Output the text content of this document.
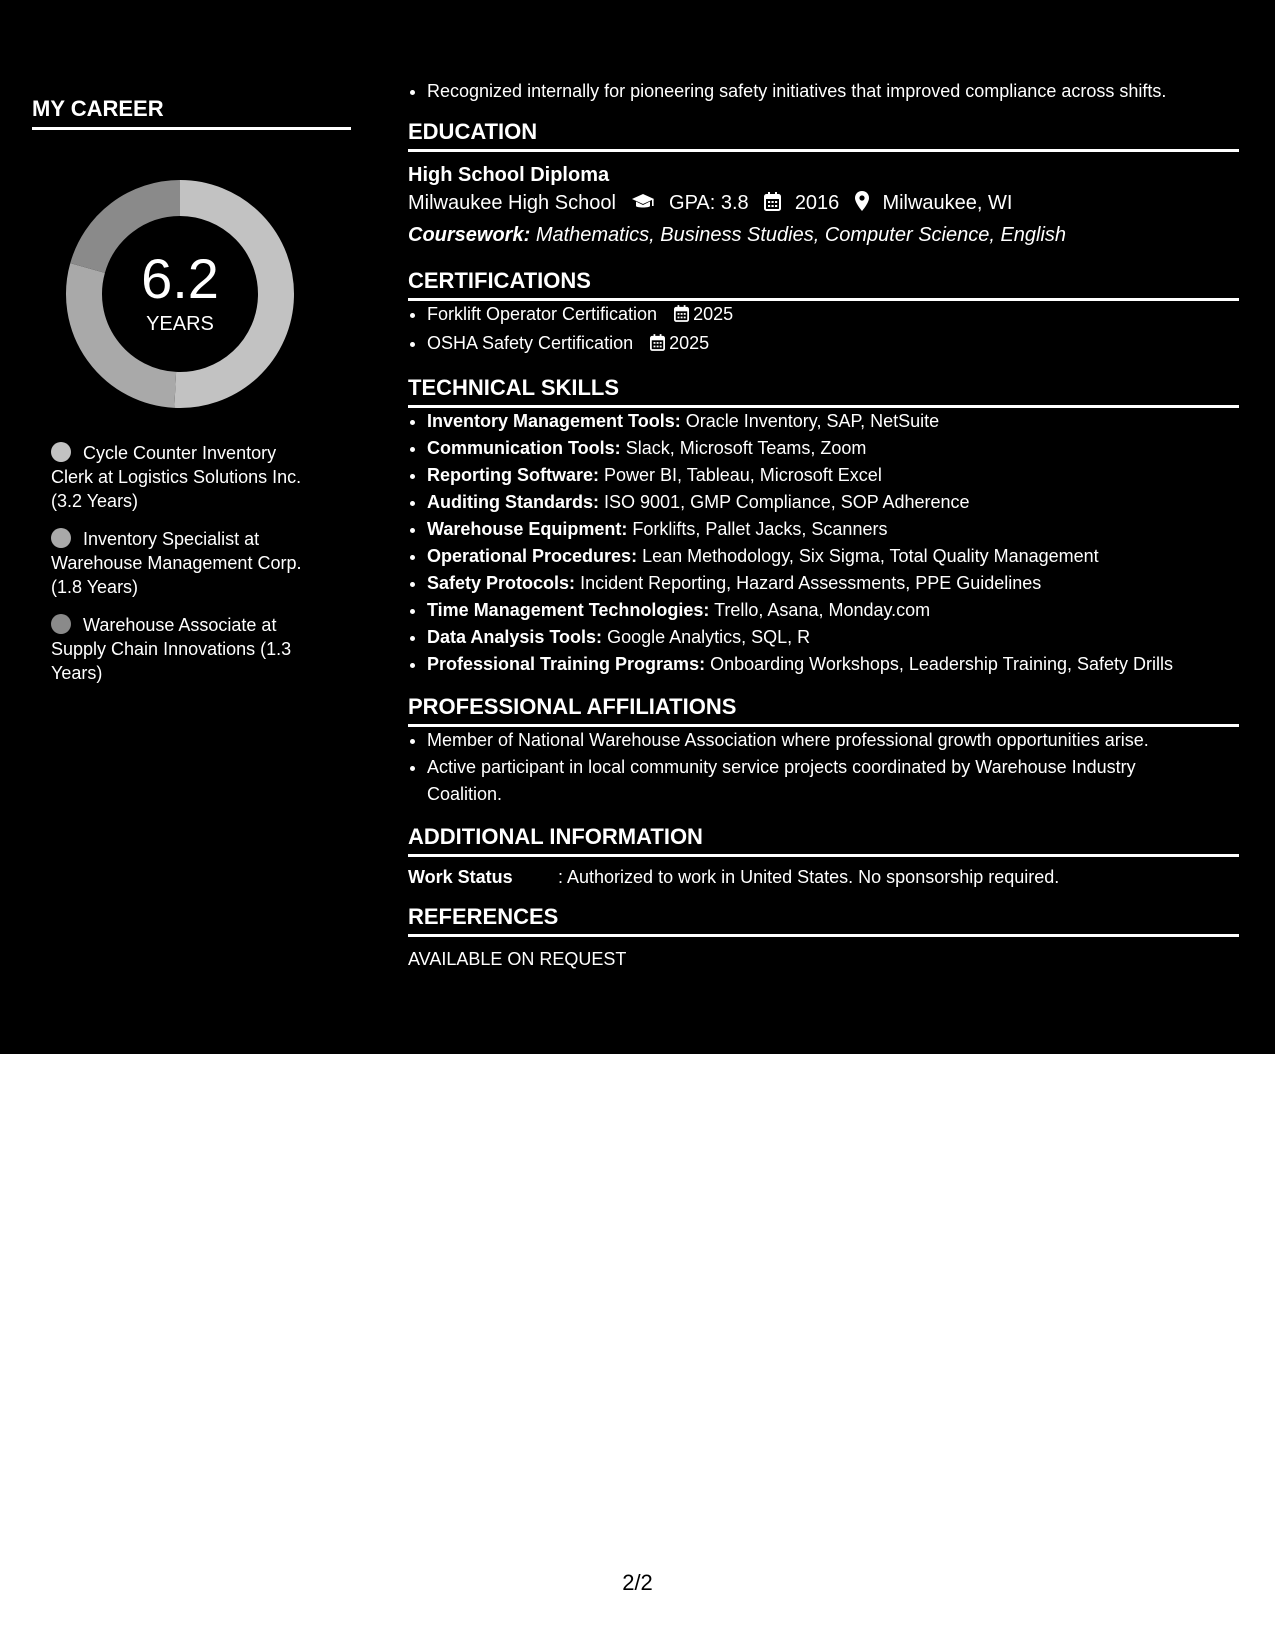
MY CAREER
6.2
YEARS
Cycle Counter Inventory Clerk at Logistics Solutions Inc. (3.2 Years)
Inventory Specialist at Warehouse Management Corp. (1.8 Years)
Warehouse Associate at Supply Chain Innovations (1.3 Years)
• Recognized internally for pioneering safety initiatives that improved compliance across shifts.
EDUCATION
High School Diploma
Milwaukee High School	GPA: 3.8 2016 Milwaukee, WI
Coursework: Mathematics, Business Studies, Computer Science, English
CERTIFICATIONS
• Forklift Operator Certification 2025
• OSHA Safety Certification 2025
TECHNICAL SKILLS
• Inventory Management Tools: Oracle Inventory, SAP, NetSuite
• Communication Tools: Slack, Microsoft Teams, Zoom
• Reporting Software: Power BI, Tableau, Microsoft Excel
• Auditing Standards: ISO 9001, GMP Compliance, SOP Adherence
• Warehouse Equipment: Forklifts, Pallet Jacks, Scanners
• Operational Procedures: Lean Methodology, Six Sigma, Total Quality Management
• Safety Protocols: Incident Reporting, Hazard Assessments, PPE Guidelines
• Time Management Technologies: Trello, Asana, Monday.com
• Data Analysis Tools: Google Analytics, SQL, R
• Professional Training Programs: Onboarding Workshops, Leadership Training, Safety Drills
PROFESSIONAL AFFILIATIONS
• Member of National Warehouse Association where professional growth opportunities arise.
• Active participant in local community service projects coordinated by Warehouse Industry Coalition.
ADDITIONAL INFORMATION
Work Status	: Authorized to work in United States. No sponsorship required.
REFERENCES
AVAILABLE ON REQUEST
2/2
